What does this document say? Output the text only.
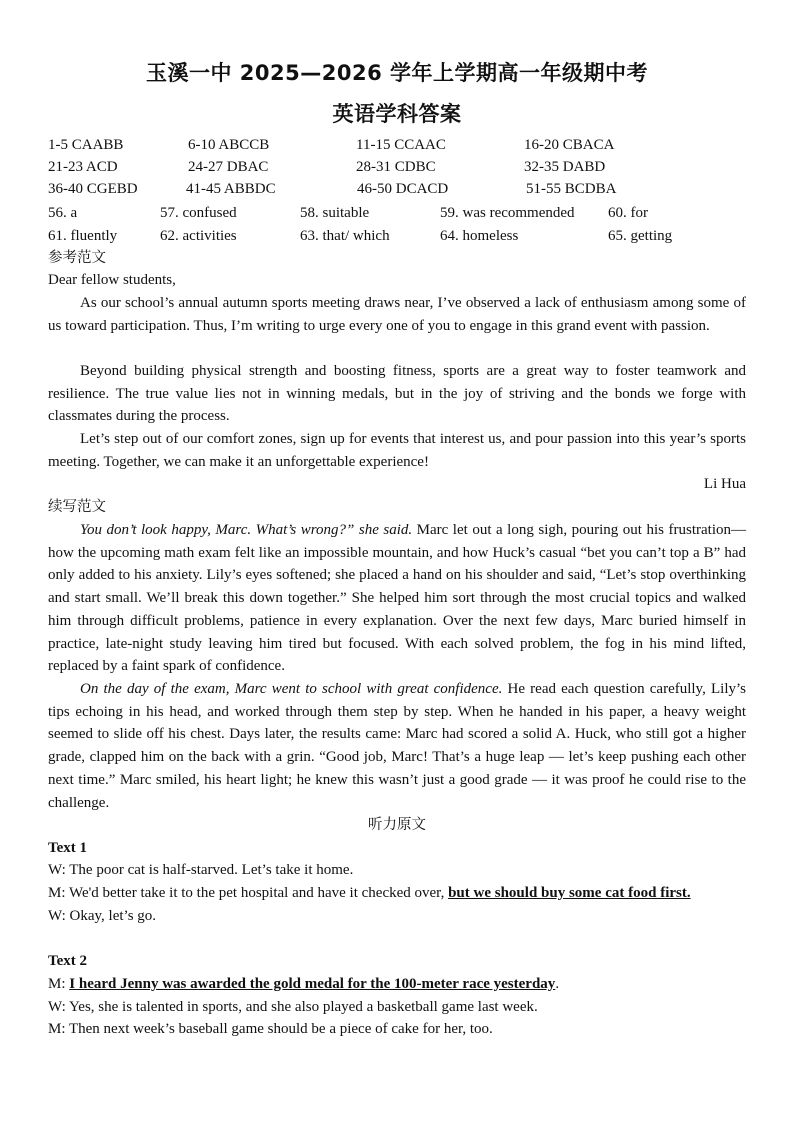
玉溪一中 2025—2026 学年上学期高一年级期中考
英语学科答案
1-5 CAABB	6-10 ABCCB	11-15 CCAAC	16-20 CBACA
21-23 ACD	24-27 DBAC	28-31 CDBC	32-35 DABD
36-40 CGEBD	41-45 ABBDC	46-50 DCACD	51-55 BCDBA
56. a	57. confused	58. suitable	59. was recommended 60. for
61. fluently	62. activities	63. that/ which	64. homeless	65. getting
参考范文
Dear fellow students,
As our school’s annual autumn sports meeting draws near, I’ve observed a lack of enthusiasm among some of us toward participation. Thus, I’m writing to urge every one of you to engage in this grand event with passion.
Beyond building physical strength and boosting fitness, sports are a great way to foster teamwork and resilience. The true value lies not in winning medals, but in the joy of striving and the bonds we forge with classmates during the process.
Let’s step out of our comfort zones, sign up for events that interest us, and pour passion into this year’s sports meeting. Together, we can make it an unforgettable experience!
Li Hua
续写范文
You don’t look happy, Marc. What’s wrong?” she said. Marc let out a long sigh, pouring out his frustration—how the upcoming math exam felt like an impossible mountain, and how Huck’s casual “bet you can’t top a B” had only added to his anxiety. Lily’s eyes softened; she placed a hand on his shoulder and said, “Let’s stop overthinking and start small. We’ll break this down together.” She helped him sort through the most crucial topics and walked him through difficult problems, patience in every explanation. Over the next few days, Marc buried himself in practice, late-night study leaving him tired but focused. With each solved problem, the fog in his mind lifted, replaced by a faint spark of confidence.
On the day of the exam, Marc went to school with great confidence. He read each question carefully, Lily’s tips echoing in his head, and worked through them step by step. When he handed in his paper, a heavy weight seemed to slide off his chest. Days later, the results came: Marc had scored a solid A. Huck, who still got a higher grade, clapped him on the back with a grin. “Good job, Marc! That’s a huge leap — let’s keep pushing each other next time.” Marc smiled, his heart light; he knew this wasn’t just a good grade — it was proof he could rise to the challenge.
听力原文
Text 1
W: The poor cat is half-starved. Let’s take it home.
M: We'd better take it to the pet hospital and have it checked over, but we should buy some cat food first.
W: Okay, let’s go.
Text 2
M: I heard Jenny was awarded the gold medal for the 100-meter race yesterday.
W: Yes, she is talented in sports, and she also played a basketball game last week.
M: Then next week’s baseball game should be a piece of cake for her, too.
